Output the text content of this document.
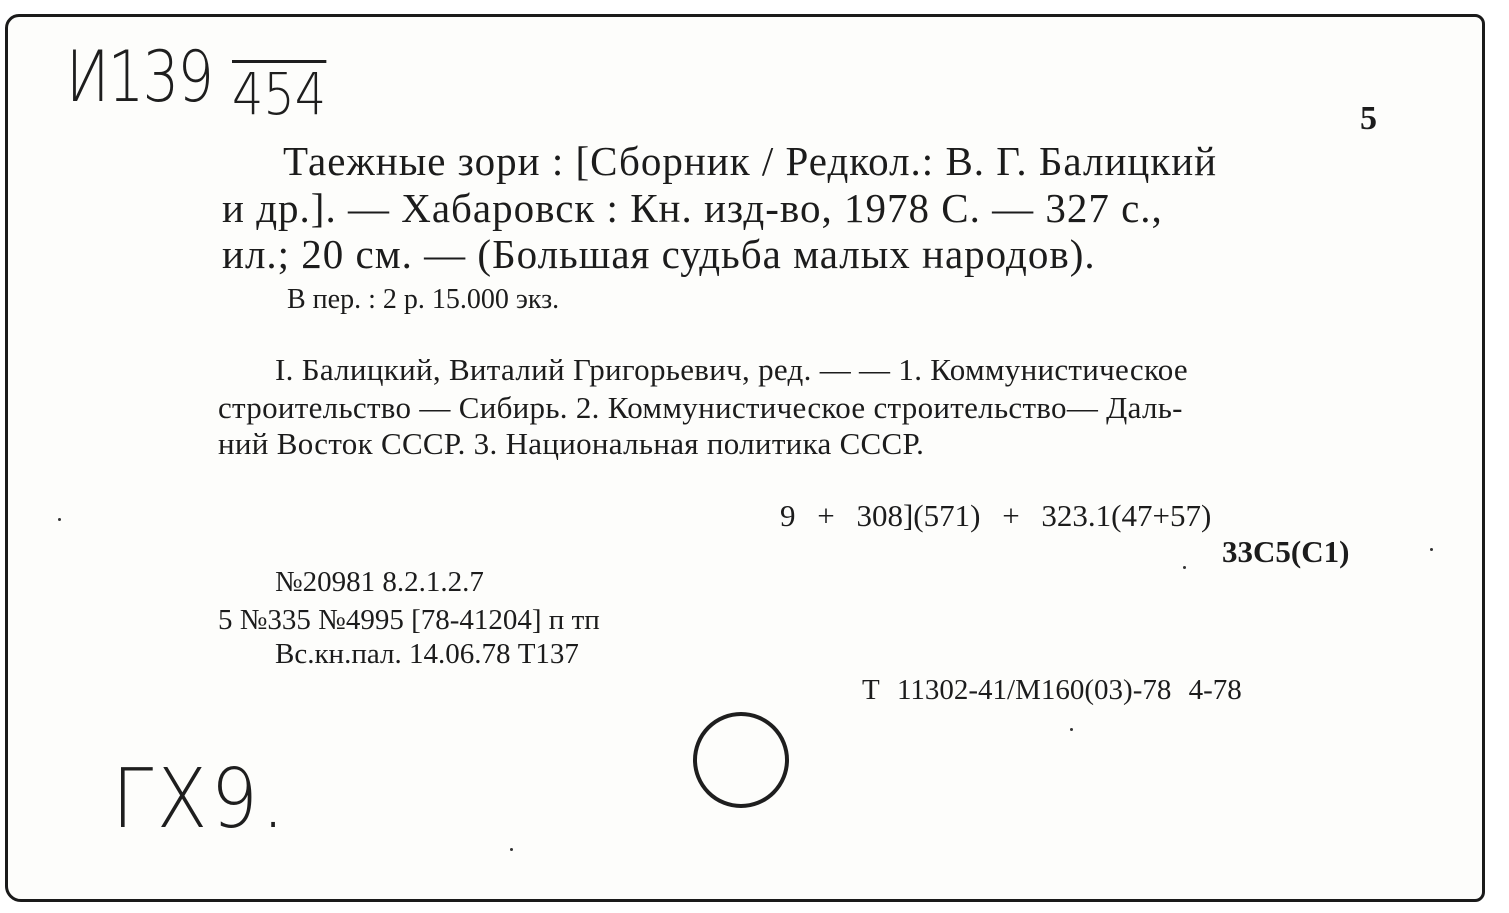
И139 454	5
Таежные зори : [Сборник / Редкол.: В. Г. Балицкий
и др.]. — Хабаровск : Кн. изд-во, 1978 С. — 327 с.,
ил.; 20 см. — (Большая судьба малых народов).
В пер. : 2 р. 15.000 экз.
I. Балицкий, Виталий Григорьевич, ред. — — 1. Коммунистическое
строительство — Сибирь. 2. Коммунистическое строительство— Даль-
ний Восток СССР. 3. Национальная политика СССР.
9 + 308](571) + 323.1(47+57)
33С5(С1)
№20981 8.2.1.2.7
5 №335 №4995 [78-41204] п тп
Вс.кн.пал. 14.06.78 Т137
Т 11302-41/М160(03)-78 4-78
ГХ9.
